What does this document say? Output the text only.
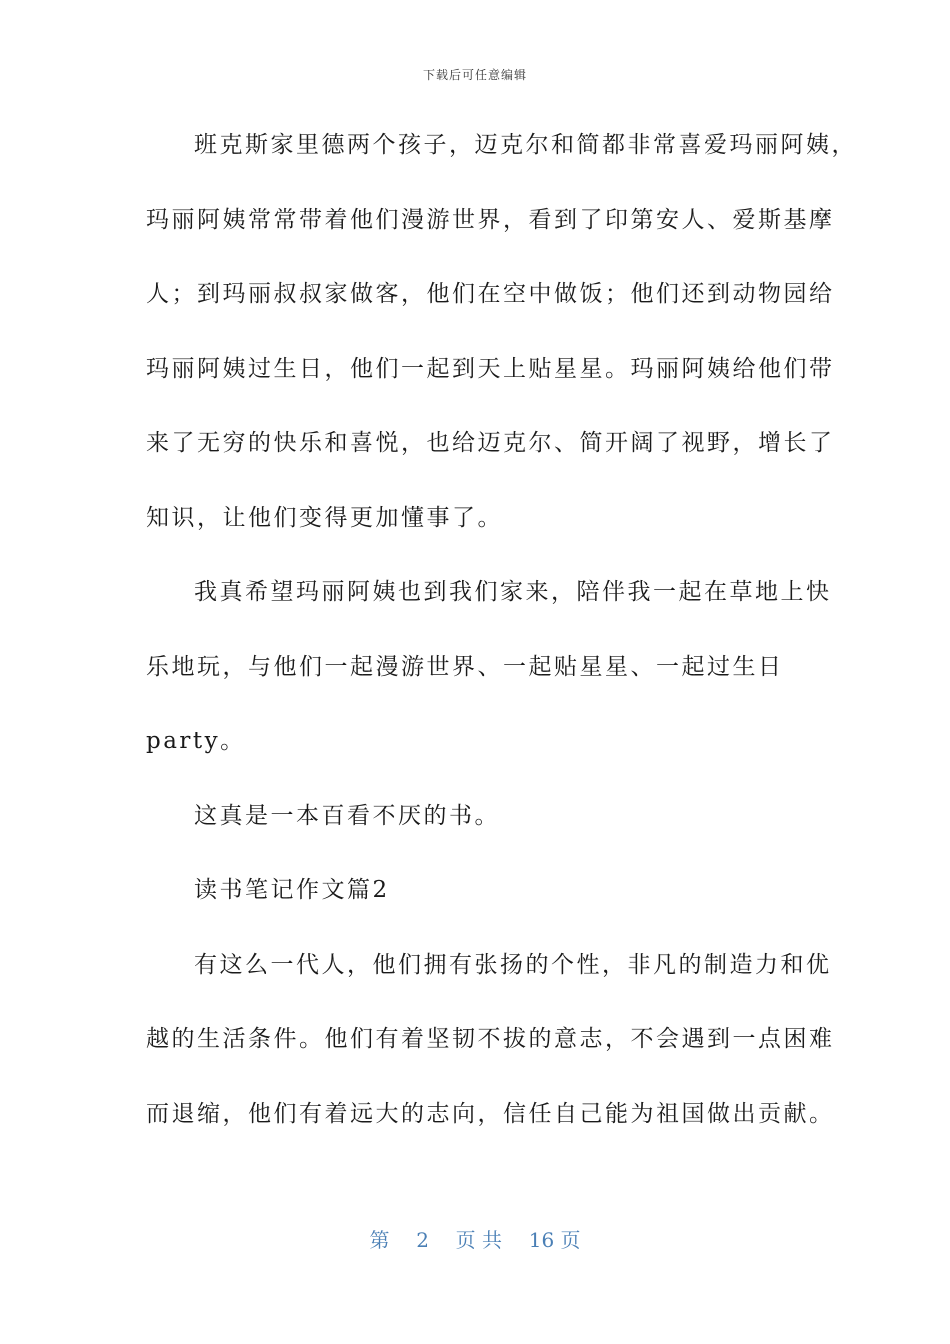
下载后可任意编辑
班克斯家里德两个孩子，迈克尔和简都非常喜爱玛丽阿姨，
玛丽阿姨常常带着他们漫游世界，看到了印第安人、爱斯基摩
人；到玛丽叔叔家做客，他们在空中做饭；他们还到动物园给
玛丽阿姨过生日，他们一起到天上贴星星。玛丽阿姨给他们带
来了无穷的快乐和喜悦，也给迈克尔、简开阔了视野，增长了
知识，让他们变得更加懂事了。
我真希望玛丽阿姨也到我们家来，陪伴我一起在草地上快
乐地玩，与他们一起漫游世界、一起贴星星、一起过生日
party。
这真是一本百看不厌的书。
读书笔记作文篇2
有这么一代人，他们拥有张扬的个性，非凡的制造力和优
越的生活条件。他们有着坚韧不拔的意志，不会遇到一点困难
而退缩，他们有着远大的志向，信任自己能为祖国做出贡献。
第 2 页 共 16 页
